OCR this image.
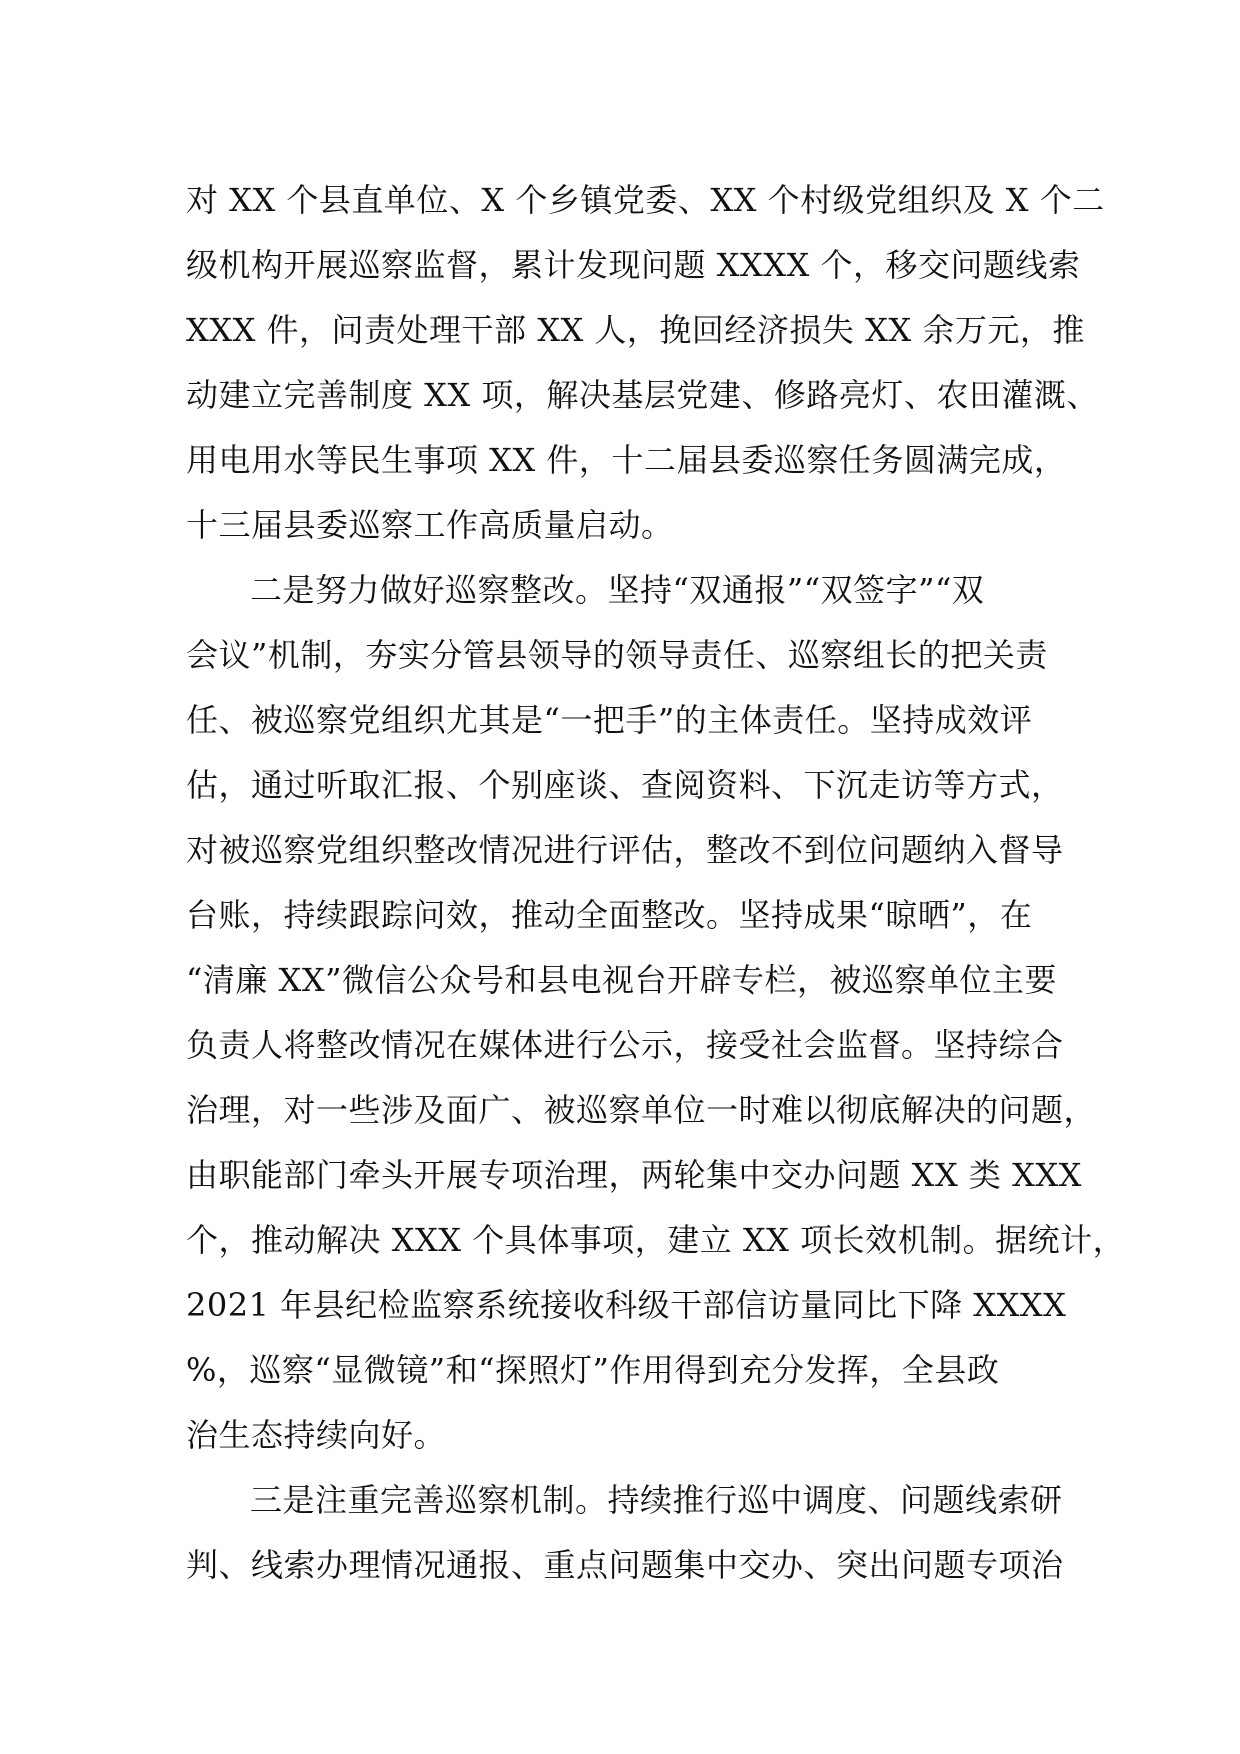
对 XX 个县直单位、X 个乡镇党委、XX 个村级党组织及 X 个二
级机构开展巡察监督，累计发现问题 XXXX 个，移交问题线索
XXX 件，问责处理干部 XX 人，挽回经济损失 XX 余万元，推
动建立完善制度 XX 项，解决基层党建、修路亮灯、农田灌溉、
用电用水等民生事项 XX 件，十二届县委巡察任务圆满完成，
十三届县委巡察工作高质量启动。
二是努力做好巡察整改。坚持“双通报”“双签字”“双
会议”机制，夯实分管县领导的领导责任、巡察组长的把关责
任、被巡察党组织尤其是“一把手”的主体责任。坚持成效评
估，通过听取汇报、个别座谈、查阅资料、下沉走访等方式，
对被巡察党组织整改情况进行评估，整改不到位问题纳入督导
台账，持续跟踪问效，推动全面整改。坚持成果“晾晒”，在
“清廉 XX”微信公众号和县电视台开辟专栏，被巡察单位主要
负责人将整改情况在媒体进行公示，接受社会监督。坚持综合
治理，对一些涉及面广、被巡察单位一时难以彻底解决的问题，
由职能部门牵头开展专项治理，两轮集中交办问题 XX 类 XXX
个，推动解决 XXX 个具体事项，建立 XX 项长效机制。据统计，
2021 年县纪检监察系统接收科级干部信访量同比下降 XXXX
%，巡察“显微镜”和“探照灯”作用得到充分发挥，全县政
治生态持续向好。
三是注重完善巡察机制。持续推行巡中调度、问题线索研
判、线索办理情况通报、重点问题集中交办、突出问题专项治
